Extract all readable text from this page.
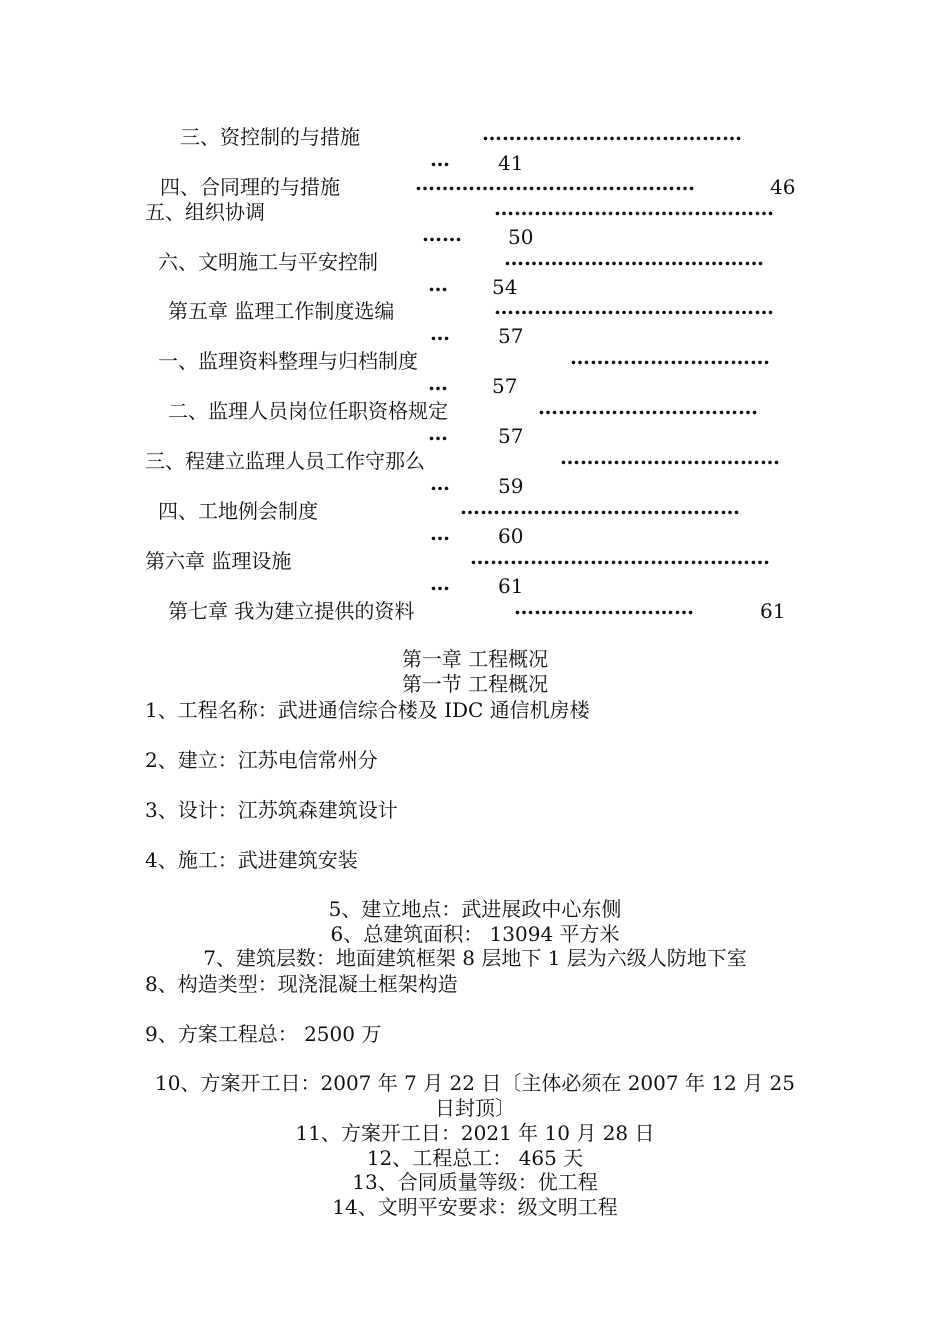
三、资控制的与措施	…………………………………
… 41
四、合同理的与措施	……………………………………	46
五、组织协调	……………………………………
…… 50
六、文明施工与平安控制	…………………………………
… 54
第五章 监理工作制度选编	……………………………………
… 57
一、监理资料整理与归档制度	…………………………
… 57
二、监理人员岗位任职资格规定	……………………………
…	57
三、程建立监理人员工作守那么	……………………………
… 59
四、工地例会制度	……………………………………
… 60
第六章 监理设施	………………………………………
… 61
第七章 我为建立提供的资料	………………………	61
第一章 工程概况
第一节 工程概况
1、工程名称：武进通信综合楼及 IDC 通信机房楼
2、建立：江苏电信常州分
3、设计：江苏筑森建筑设计
4、施工：武进建筑安装
5、建立地点：武进展政中心东侧
6、总建筑面积： 13094 平方米
7、建筑层数：地面建筑框架 8 层地下 1 层为六级人防地下室
8、构造类型：现浇混凝土框架构造
9、方案工程总： 2500 万
10、方案开工日：2007 年 7 月 22 日〔主体必须在 2007 年 12 月 25
日封顶〕
11、方案开工日：2021 年 10 月 28 日
12、工程总工： 465 天
13、合同质量等级：优工程
14、文明平安要求：级文明工程
